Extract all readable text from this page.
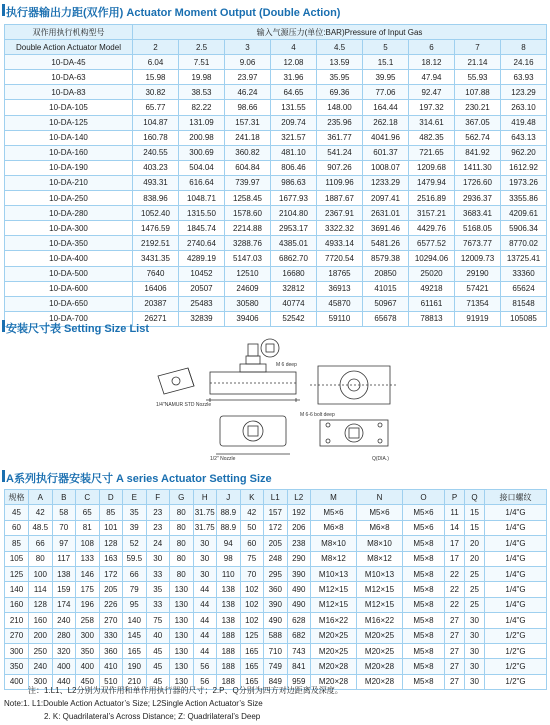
执行器输出力距(双作用) Actuator Moment Output (Double Action)
双作用执行机构型号	输入气源压力(单位:BAR)Pressure of Input Gas								
Double Action Actuator Model	2	2.5	3	4	4.5	5	6	7	8
10-DA-45	6.04	7.51	9.06	12.08	13.59	15.1	18.12	21.14	24.16
10-DA-63	15.98	19.98	23.97	31.96	35.95	39.95	47.94	55.93	63.93
10-DA-83	30.82	38.53	46.24	64.65	69.36	77.06	92.47	107.88	123.29
10-DA-105	65.77	82.22	98.66	131.55	148.00	164.44	197.32	230.21	263.10
10-DA-125	104.87	131.09	157.31	209.74	235.96	262.18	314.61	367.05	419.48
10-DA-140	160.78	200.98	241.18	321.57	361.77	4041.96	482.35	562.74	643.13
10-DA-160	240.55	300.69	360.82	481.10	541.24	601.37	721.65	841.92	962.20
10-DA-190	403.23	504.04	604.84	806.46	907.26	1008.07	1209.68	1411.30	1612.92
10-DA-210	493.31	616.64	739.97	986.63	1109.96	1233.29	1479.94	1726.60	1973.26
10-DA-250	838.96	1048.71	1258.45	1677.93	1887.67	2097.41	2516.89	2936.37	3355.86
10-DA-280	1052.40	1315.50	1578.60	2104.80	2367.91	2631.01	3157.21	3683.41	4209.61
10-DA-300	1476.59	1845.74	2214.88	2953.17	3322.32	3691.46	4429.76	5168.05	5906.34
10-DA-350	2192.51	2740.64	3288.76	4385.01	4933.14	5481.26	6577.52	7673.77	8770.02
10-DA-400	3431.35	4289.19	5147.03	6862.70	7720.54	8579.38	10294.06	12009.73	13725.41
10-DA-500	7640	10452	12510	16680	18765	20850	25020	29190	33360
10-DA-600	16406	20507	24609	32812	36913	41015	49218	57421	65624
10-DA-650	20387	25483	30580	40774	45870	50967	61161	71354	81548
10-DA-700	26271	32839	39406	52542	59110	65678	78813	91919	105085
安装尺寸表 Setting Size List
1/4"NAMUR STD Nozzle
1/2" Nozzle
M 6-6 bolt deep
M 6 deep
Q(DIA.)
A系列执行器安装尺寸 A series Actuator Setting Size
规格	A	B	C	D	E	F	G	H	J	K	L1	L2	M	N	O	P	Q	接口螺纹
45	42	58	65	85	35	23	80	31.75	88.9	42	157	192	M5×6	M5×6	M5×6	11	15	1/4"G
60	48.5	70	81	101	39	23	80	31.75	88.9	50	172	206	M6×8	M6×8	M5×6	14	15	1/4"G
85	66	97	108	128	52	24	80	30	94	60	205	238	M8×10	M8×10	M5×8	17	20	1/4"G
105	80	117	133	163	59.5	30	80	30	98	75	248	290	M8×12	M8×12	M5×8	17	20	1/4"G
125	100	138	146	172	66	33	80	30	110	70	295	390	M10×13	M10×13	M5×8	22	25	1/4"G
140	114	159	175	205	79	35	130	44	138	102	360	490	M12×15	M12×15	M5×8	22	25	1/4"G
160	128	174	196	226	95	33	130	44	138	102	390	490	M12×15	M12×15	M5×8	22	25	1/4"G
210	160	240	258	270	140	75	130	44	138	102	490	628	M16×22	M16×22	M5×8	27	30	1/4"G
270	200	280	300	330	145	40	130	44	188	125	588	682	M20×25	M20×25	M5×8	27	30	1/2"G
300	250	320	350	360	165	45	130	44	188	165	710	743	M20×25	M20×25	M5×8	27	30	1/2"G
350	240	400	400	410	190	45	130	56	188	165	749	841	M20×28	M20×28	M5×8	27	30	1/2"G
400	300	440	450	510	210	45	130	56	188	165	849	959	M20×28	M20×28	M5×8	27	30	1/2"G
注：1.L1、L2分别为双作用和单作用执行器的尺寸；2.P、Q分别为四方对边距离及深度。
Note:1. L1:Double Action Actuator’s Size; L2Single Action Actuator’s Size
2. K: Quadrilateral’s Across Distance; Z: Quadrilateral’s Deep
